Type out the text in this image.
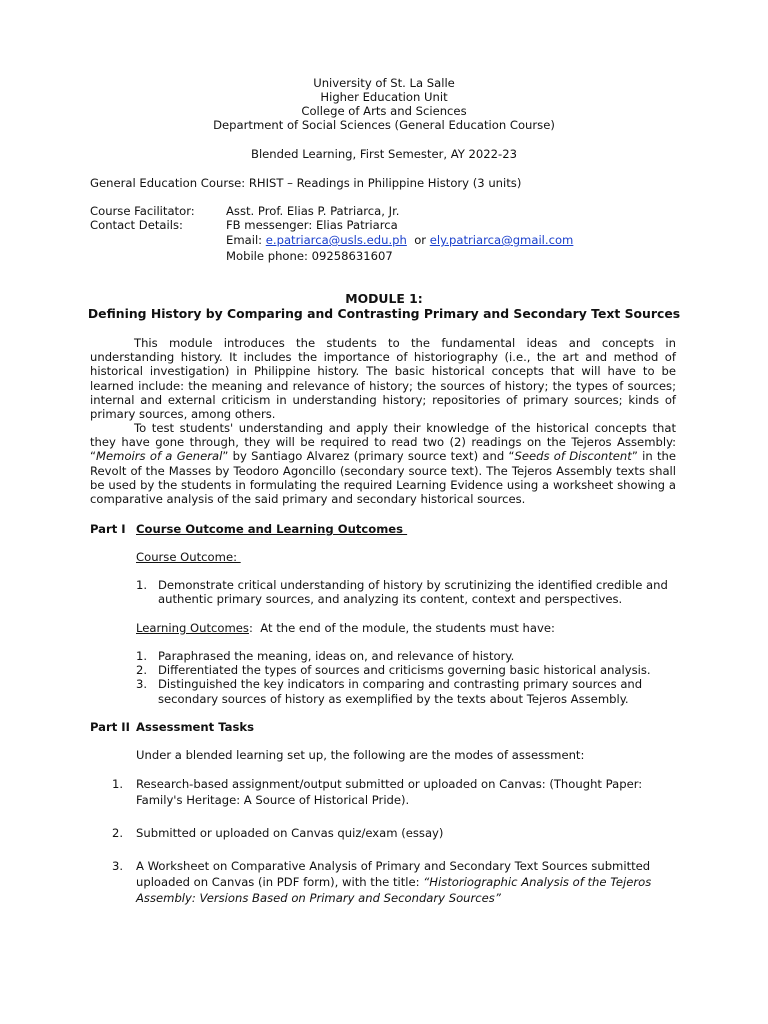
University of St. La Salle
Higher Education Unit
College of Arts and Sciences
Department of Social Sciences (General Education Course)
Blended Learning, First Semester, AY 2022-23
General Education Course: RHIST – Readings in Philippine History (3 units)
Course Facilitator:	Asst. Prof. Elias P. Patriarca, Jr.
Contact Details:	FB messenger: Elias Patriarca
Email: e.patriarca@usls.edu.ph  or ely.patriarca@gmail.com
Mobile phone: 09258631607
MODULE 1:
Defining History by Comparing and Contrasting Primary and Secondary Text Sources
This module introduces the students to the fundamental ideas and concepts in understanding history. It includes the importance of historiography (i.e., the art and method of historical investigation) in Philippine history. The basic historical concepts that will have to be learned include: the meaning and relevance of history; the sources of history; the types of sources; internal and external criticism in understanding history; repositories of primary sources; kinds of primary sources, among others.
To test students' understanding and apply their knowledge of the historical concepts that they have gone through, they will be required to read two (2) readings on the Tejeros Assembly: “Memoirs of a General” by Santiago Alvarez (primary source text) and “Seeds of Discontent” in the Revolt of the Masses by Teodoro Agoncillo (secondary source text). The Tejeros Assembly texts shall be used by the students in formulating the required Learning Evidence using a worksheet showing a comparative analysis of the said primary and secondary historical sources.
Part I Course Outcome and Learning Outcomes
Course Outcome:
1. Demonstrate critical understanding of history by scrutinizing the identified credible and authentic primary sources, and analyzing its content, context and perspectives.
Learning Outcomes:  At the end of the module, the students must have:
1. Paraphrased the meaning, ideas on, and relevance of history.
2. Differentiated the types of sources and criticisms governing basic historical analysis.
3. Distinguished the key indicators in comparing and contrasting primary sources and secondary sources of history as exemplified by the texts about Tejeros Assembly.
Part II Assessment Tasks
Under a blended learning set up, the following are the modes of assessment:
1. Research-based assignment/output submitted or uploaded on Canvas: (Thought Paper: Family's Heritage: A Source of Historical Pride).
2. Submitted or uploaded on Canvas quiz/exam (essay)
3. A Worksheet on Comparative Analysis of Primary and Secondary Text Sources submitted uploaded on Canvas (in PDF form), with the title: “Historiographic Analysis of the Tejeros Assembly: Versions Based on Primary and Secondary Sources”
